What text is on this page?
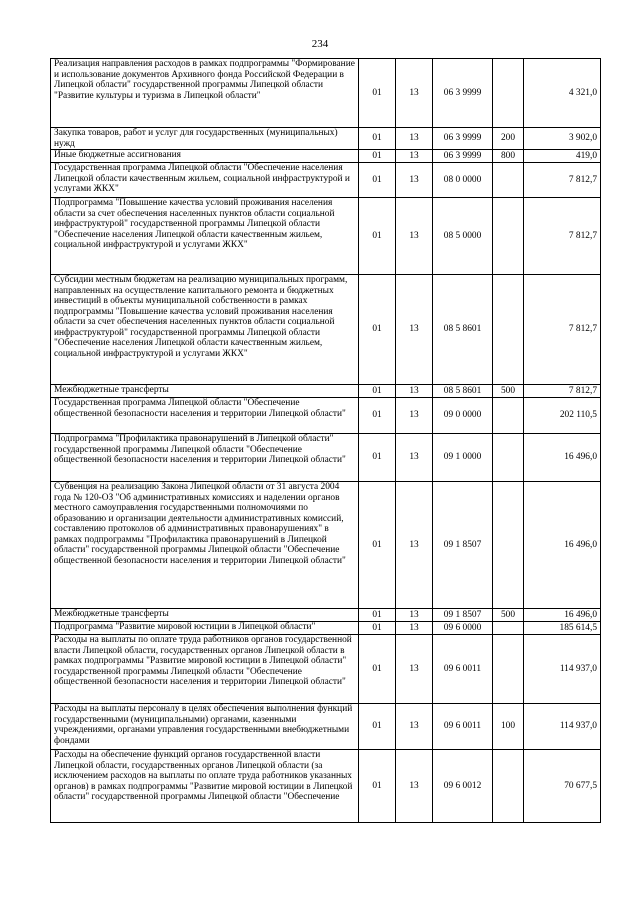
234
Реализация направления расходов в рамках подпрограммы "Формирование и использование документов Архивного фонда Российской Федерации в Липецкой области" государственной программы Липецкой области "Развитие культуры и туризма в Липецкой области"	01	13	06 3 9999		4 321,0
Закупка товаров, работ и услуг для государственных (муниципальных) нужд	01	13	06 3 9999	200	3 902,0
Иные бюджетные ассигнования	01	13	06 3 9999	800	419,0
Государственная программа Липецкой области "Обеспечение населения Липецкой области качественным жильем, социальной инфраструктурой и услугами ЖКХ"	01	13	08 0 0000		7 812,7
Подпрограмма "Повышение качества условий проживания населения области за счет обеспечения населенных пунктов области социальной инфраструктурой" государственной программы Липецкой области "Обеспечение населения Липецкой области качественным жильем, социальной инфраструктурой и услугами ЖКХ"	01	13	08 5 0000		7 812,7
Субсидии местным бюджетам на реализацию муниципальных программ, направленных на осуществление капитального ремонта и бюджетных инвестиций в объекты муниципальной собственности в рамках подпрограммы "Повышение качества условий проживания населения области за счет обеспечения населенных пунктов области социальной инфраструктурой" государственной программы Липецкой области "Обеспечение населения Липецкой области качественным жильем, социальной инфраструктурой и услугами ЖКХ"	01	13	08 5 8601		7 812,7
Межбюджетные трансферты	01	13	08 5 8601	500	7 812,7
Государственная программа Липецкой области "Обеспечение общественной безопасности населения и территории Липецкой области"	01	13	09 0 0000		202 110,5
Подпрограмма "Профилактика правонарушений в Липецкой области" государственной программы Липецкой области "Обеспечение общественной безопасности населения и территории Липецкой области"	01	13	09 1 0000		16 496,0
Субвенция на реализацию Закона Липецкой области от 31 августа 2004 года № 120-ОЗ "Об административных комиссиях и наделении органов местного самоуправления государственными полномочиями по образованию и организации деятельности административных комиссий, составлению протоколов об административных правонарушениях" в рамках подпрограммы "Профилактика правонарушений в Липецкой области" государственной программы Липецкой области "Обеспечение общественной безопасности населения и территории Липецкой области"	01	13	09 1 8507		16 496,0
Межбюджетные трансферты	01	13	09 1 8507	500	16 496,0
Подпрограмма "Развитие мировой юстиции в Липецкой области"	01	13	09 6 0000		185 614,5
Расходы на выплаты по оплате труда работников органов государственной власти Липецкой области, государственных органов Липецкой области в рамках подпрограммы "Развитие мировой юстиции в Липецкой области" государственной программы Липецкой области "Обеспечение общественной безопасности населения и территории Липецкой области"	01	13	09 6 0011		114 937,0
Расходы на выплаты персоналу в целях обеспечения выполнения функций государственными (муниципальными) органами, казенными учреждениями, органами управления государственными внебюджетными фондами	01	13	09 6 0011	100	114 937,0
Расходы на обеспечение функций органов государственной власти Липецкой области, государственных органов Липецкой области (за исключением расходов на выплаты по оплате труда работников указанных органов) в рамках подпрограммы "Развитие мировой юстиции в Липецкой области" государственной программы Липецкой области "Обеспечение	01	13	09 6 0012		70 677,5
